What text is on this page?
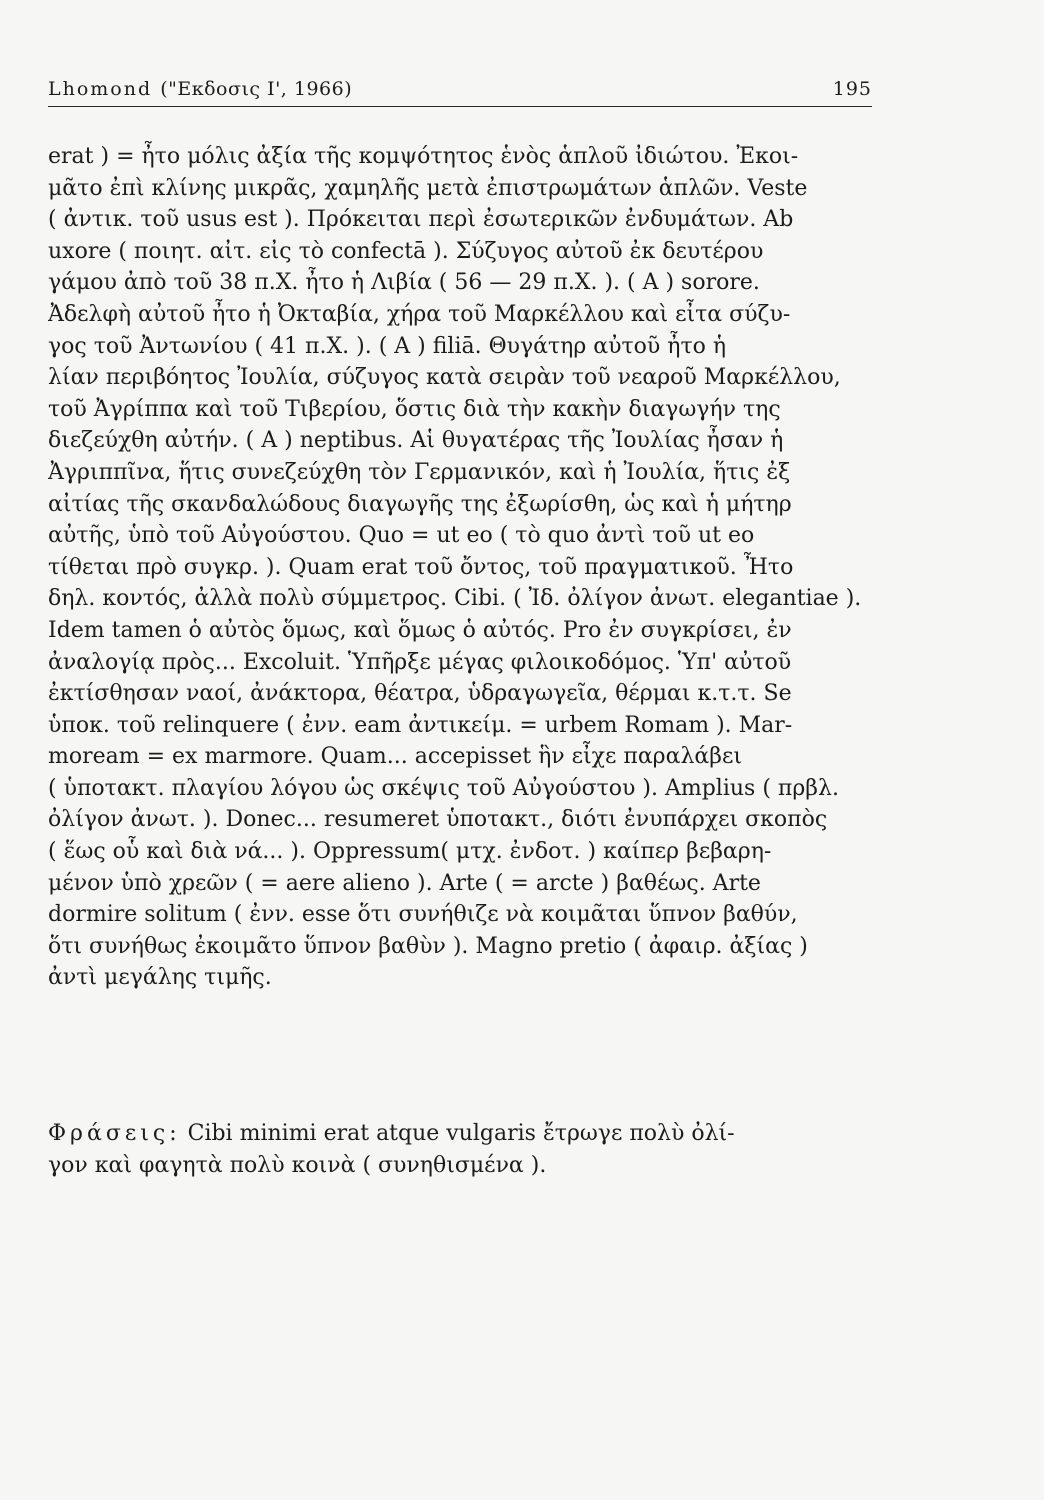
Lhomond ("Εκδοσις Ι', 1966)	195
erat ) = ἦτο μόλις ἀξία τῆς κομψότητος ἑνὸς ἁπλοῦ ἰδιώτου. Ἐκοι-
μᾶτο ἐπὶ κλίνης μικρᾶς, χαμηλῆς μετὰ ἐπιστρωμάτων ἁπλῶν. Veste
( ἀντικ. τοῦ usus est ). Πρόκειται περὶ ἐσωτερικῶν ἐνδυμάτων. Ab
uxore ( ποιητ. αἰτ. εἰς τὸ confectā ). Σύζυγος αὐτοῦ ἐκ δευτέρου
γάμου ἀπὸ τοῦ 38 π.Χ. ἦτο ἡ Λιβία ( 56 — 29 π.Χ. ). ( Α ) sorore.
Ἀδελφὴ αὐτοῦ ἦτο ἡ Ὀκταβία, χήρα τοῦ Μαρκέλλου καὶ εἶτα σύζυ-
γος τοῦ Ἀντωνίου ( 41 π.Χ. ). ( Α ) filiā. Θυγάτηρ αὐτοῦ ἦτο ἡ
λίαν περιβόητος Ἰουλία, σύζυγος κατὰ σειρὰν τοῦ νεαροῦ Μαρκέλλου,
τοῦ Ἀγρίππα καὶ τοῦ Τιβερίου, ὅστις διὰ τὴν κακὴν διαγωγήν της
διεζεύχθη αὐτήν. ( Α ) neptibus. Αἱ θυγατέρας τῆς Ἰουλίας ἦσαν ἡ
Ἀγριππῖνα, ἥτις συνεζεύχθη τὸν Γερμανικόν, καὶ ἡ Ἰουλία, ἥτις ἐξ
αἰτίας τῆς σκανδαλώδους διαγωγῆς της ἐξωρίσθη, ὡς καὶ ἡ μήτηρ
αὐτῆς, ὑπὸ τοῦ Αὐγούστου. Quo = ut eo ( τὸ quo ἀντὶ τοῦ ut eo
τίθεται πρὸ συγκρ. ). Quam erat τοῦ ὄντος, τοῦ πραγματικοῦ. Ἦτο
δηλ. κοντός, ἀλλὰ πολὺ σύμμετρος. Cibi. ( Ἰδ. ὀλίγον ἀνωτ. elegantiae ).
Idem tamen ὁ αὐτὸς ὅμως, καὶ ὅμως ὁ αὐτός. Pro ἐν συγκρίσει, ἐν
ἀναλογίᾳ πρὸς... Excoluit. Ὑπῆρξε μέγας φιλοικοδόμος. Ὑπ' αὐτοῦ
ἐκτίσθησαν ναοί, ἀνάκτορα, θέατρα, ὑδραγωγεῖα, θέρμαι κ.τ.τ. Se
ὑποκ. τοῦ relinquere ( ἐνν. eam ἀντικείμ. = urbem Romam ). Mar-
moream = ex marmore. Quam... accepisset ἣν εἶχε παραλάβει
( ὑποτακτ. πλαγίου λόγου ὡς σκέψις τοῦ Αὐγούστου ). Amplius ( πρβλ.
ὀλίγον ἀνωτ. ). Donec... resumeret ὑποτακτ., διότι ἐνυπάρχει σκοπὸς
( ἕως οὗ καὶ διὰ νά... ). Oppressum( μτχ. ἐνδοτ. ) καίπερ βεβαρη-
μένον ὑπὸ χρεῶν ( = aere alieno ). Arte ( = arcte ) βαθέως. Arte
dormire solitum ( ἐνν. esse ὅτι συνήθιζε νὰ κοιμᾶται ὕπνον βαθύν,
ὅτι συνήθως ἐκοιμᾶτο ὕπνον βαθὺν ). Magno pretio ( ἀφαιρ. ἀξίας )
ἀντὶ μεγάλης τιμῆς.
Φράσεις: Cibi minimi erat atque vulgaris ἔτρωγε πολὺ ὀλί-
γον καὶ φαγητὰ πολὺ κοινὰ ( συνηθισμένα ).
